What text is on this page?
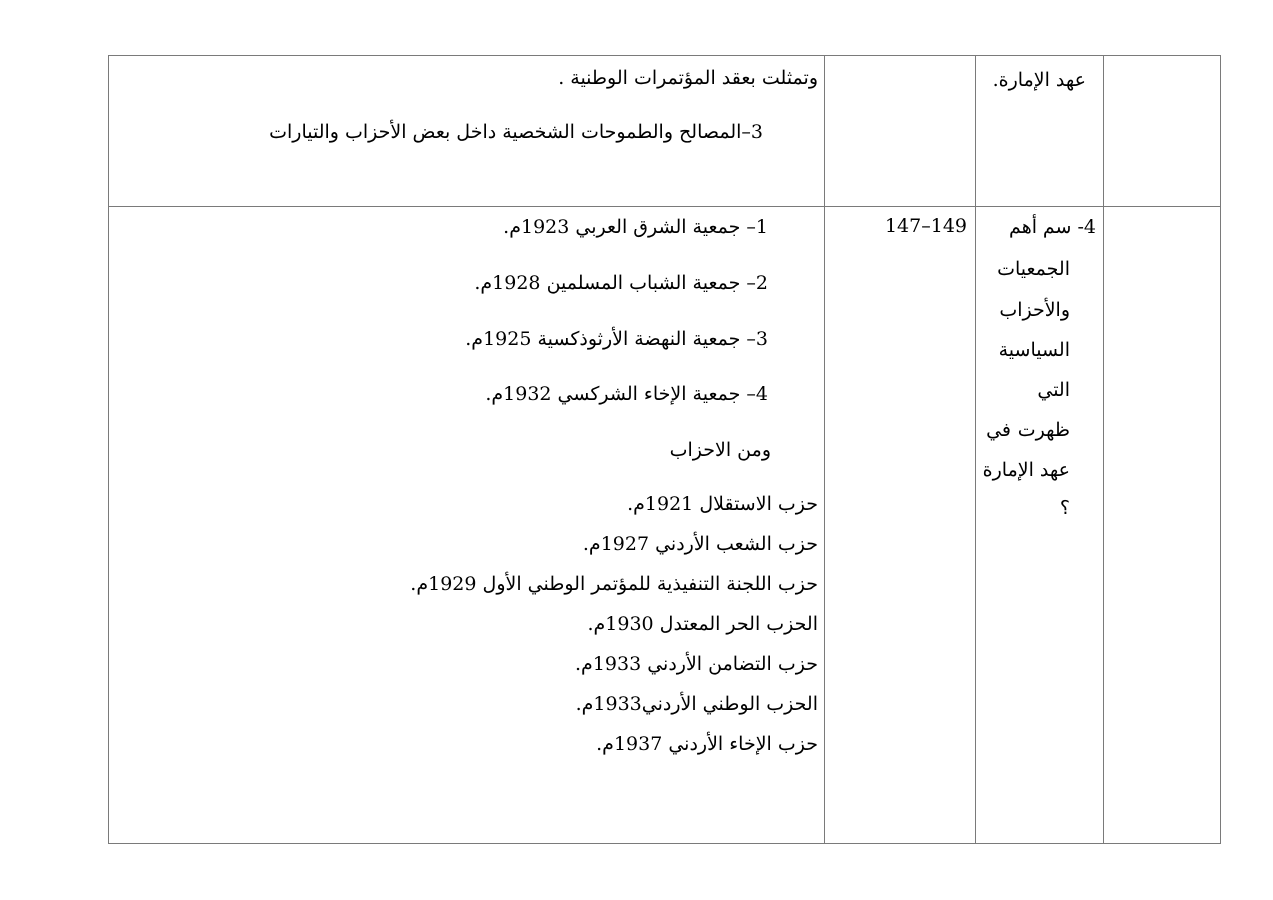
عهد الإمارة.
وتمثلت بعقد المؤتمرات الوطنية .
3–المصالح والطموحات الشخصية داخل بعض الأحزاب والتيارات
4- سم
أهم
الجمعيات
والأحزاب
السياسية
التي
ظهرت
في
عهد الإمارة
؟
147–149
1– جمعية الشرق العربي 1923م.
2– جمعية الشباب المسلمين 1928م.
3– جمعية النهضة الأرثوذكسية 1925م.
4– جمعية الإخاء الشركسي 1932م.
ومن الاحزاب
حزب الاستقلال 1921م.
حزب الشعب الأردني 1927م.
حزب اللجنة التنفيذية للمؤتمر الوطني الأول 1929م.
الحزب الحر المعتدل 1930م.
حزب التضامن الأردني 1933م.
الحزب الوطني الأردني1933م.
حزب الإخاء الأردني 1937م.
